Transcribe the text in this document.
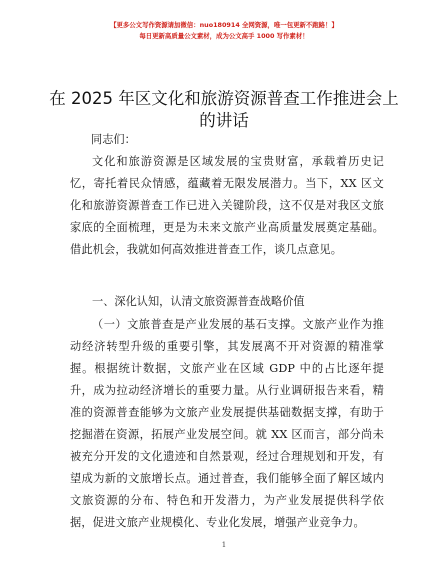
【更多公文写作资源请加微信：nuo180914 全网资源，唯一包更新不跑路！】
每日更新高质量公文素材，成为公文高手 1000 写作素材！
在 2025 年区文化和旅游资源普查工作推进会上的讲话
同志们：

文化和旅游资源是区域发展的宝贵财富，承载着历史记忆，寄托着民众情感，蕴藏着无限发展潜力。当下，XX 区文化和旅游资源普查工作已进入关键阶段，这不仅是对我区文旅家底的全面梳理，更是为未来文旅产业高质量发展奠定基础。借此机会，我就如何高效推进普查工作，谈几点意见。

一、深化认知，认清文旅资源普查战略价值

（一）文旅普查是产业发展的基石支撑。文旅产业作为推动经济转型升级的重要引擎，其发展离不开对资源的精准掌握。根据统计数据，文旅产业在区域 GDP 中的占比逐年提升，成为拉动经济增长的重要力量。从行业调研报告来看，精准的资源普查能够为文旅产业发展提供基础数据支撑，有助于挖掘潜在资源，拓展产业发展空间。就 XX 区而言，部分尚未被充分开发的文化遗迹和自然景观，经过合理规划和开发，有望成为新的文旅增长点。通过普查，我们能够全面了解区域内文旅资源的分布、特色和开发潜力，为产业发展提供科学依据，促进文旅产业规模化、专业化发展，增强产业竞争力。

1
